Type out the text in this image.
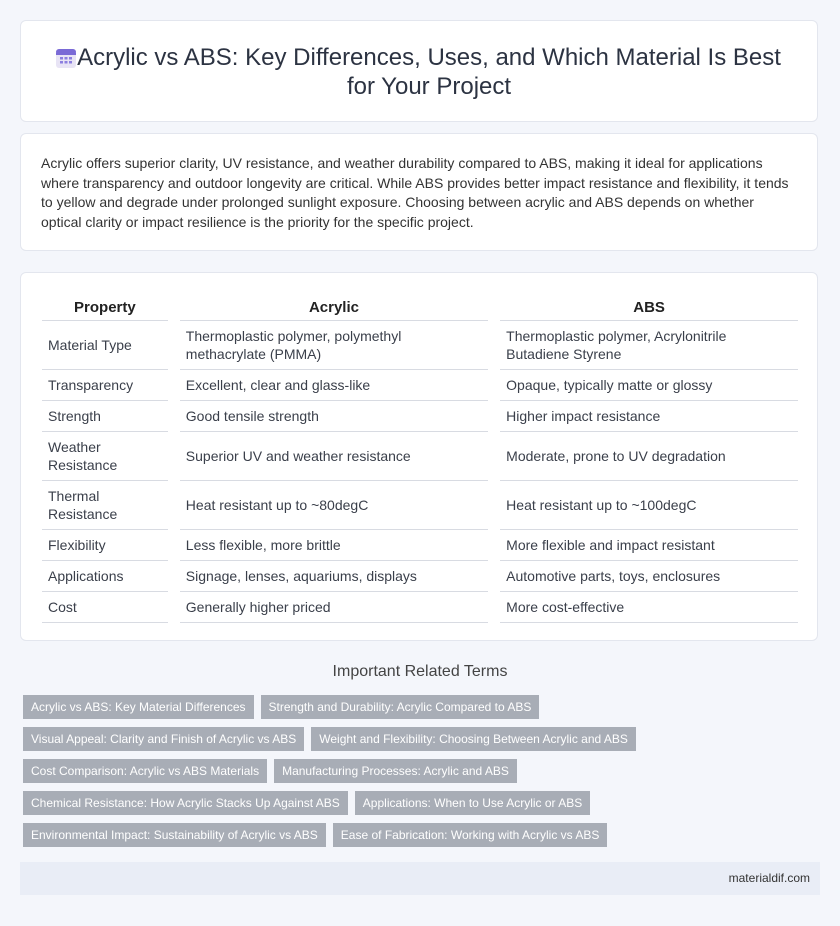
Acrylic vs ABS: Key Differences, Uses, and Which Material Is Best for Your Project
Acrylic offers superior clarity, UV resistance, and weather durability compared to ABS, making it ideal for applications where transparency and outdoor longevity are critical. While ABS provides better impact resistance and flexibility, it tends to yellow and degrade under prolonged sunlight exposure. Choosing between acrylic and ABS depends on whether optical clarity or impact resilience is the priority for the specific project.
Property		Acrylic		ABS
Material Type		Thermoplastic polymer, polymethyl methacrylate (PMMA)		Thermoplastic polymer, Acrylonitrile Butadiene Styrene
Transparency		Excellent, clear and glass-like		Opaque, typically matte or glossy
Strength		Good tensile strength		Higher impact resistance
Weather Resistance		Superior UV and weather resistance		Moderate, prone to UV degradation
Thermal Resistance		Heat resistant up to ~80degC		Heat resistant up to ~100degC
Flexibility		Less flexible, more brittle		More flexible and impact resistant
Applications		Signage, lenses, aquariums, displays		Automotive parts, toys, enclosures
Cost		Generally higher priced		More cost-effective
Important Related Terms
Acrylic vs ABS: Key Material Differences	Strength and Durability: Acrylic Compared to ABS
Visual Appeal: Clarity and Finish of Acrylic vs ABS	Weight and Flexibility: Choosing Between Acrylic and ABS
Cost Comparison: Acrylic vs ABS Materials	Manufacturing Processes: Acrylic and ABS
Chemical Resistance: How Acrylic Stacks Up Against ABS	Applications: When to Use Acrylic or ABS
Environmental Impact: Sustainability of Acrylic vs ABS	Ease of Fabrication: Working with Acrylic vs ABS
materialdif.com
